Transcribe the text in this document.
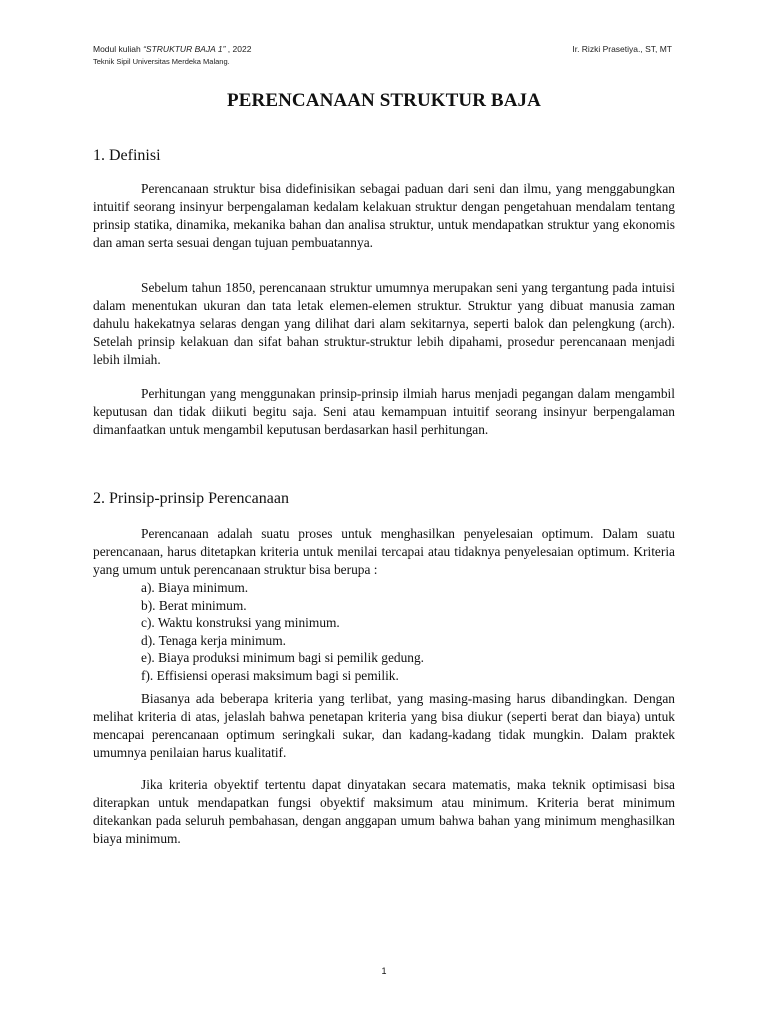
Modul kuliah “STRUKTUR BAJA 1” , 2022
Teknik Sipil Universitas Merdeka Malang.
Ir. Rizki Prasetiya., ST, MT
PERENCANAAN STRUKTUR BAJA
1. Definisi

Perencanaan struktur bisa didefinisikan sebagai paduan dari seni dan ilmu, yang menggabungkan intuitif seorang insinyur berpengalaman kedalam kelakuan struktur dengan pengetahuan mendalam tentang prinsip statika, dinamika, mekanika bahan dan analisa struktur, untuk mendapatkan struktur yang ekonomis dan aman serta sesuai dengan tujuan pembuatannya.

Sebelum tahun 1850, perencanaan struktur umumnya merupakan seni yang tergantung pada intuisi dalam menentukan ukuran dan tata letak elemen-elemen struktur. Struktur yang dibuat manusia zaman dahulu hakekatnya selaras dengan yang dilihat dari alam sekitarnya, seperti balok dan pelengkung (arch). Setelah prinsip kelakuan dan sifat bahan struktur-struktur lebih dipahami, prosedur perencanaan menjadi lebih ilmiah.

Perhitungan yang menggunakan prinsip-prinsip ilmiah harus menjadi pegangan dalam mengambil keputusan dan tidak diikuti begitu saja. Seni atau kemampuan intuitif seorang insinyur berpengalaman dimanfaatkan untuk mengambil keputusan berdasarkan hasil perhitungan.

2. Prinsip-prinsip Perencanaan

Perencanaan adalah suatu proses untuk menghasilkan penyelesaian optimum. Dalam suatu perencanaan, harus ditetapkan kriteria untuk menilai tercapai atau tidaknya penyelesaian optimum. Kriteria yang umum untuk perencanaan struktur bisa berupa :

a). Biaya minimum.
b). Berat minimum.
c). Waktu konstruksi yang minimum.
d). Tenaga kerja minimum.
e). Biaya produksi minimum bagi si pemilik gedung.
f). Effisiensi operasi maksimum bagi si pemilik.

Biasanya ada beberapa kriteria yang terlibat, yang masing-masing harus dibandingkan. Dengan melihat kriteria di atas, jelaslah bahwa penetapan kriteria yang bisa diukur (seperti berat dan biaya) untuk mencapai perencanaan optimum seringkali sukar, dan kadang-kadang tidak mungkin. Dalam praktek umumnya penilaian harus kualitatif.

Jika kriteria obyektif tertentu dapat dinyatakan secara matematis, maka teknik optimisasi bisa diterapkan untuk mendapatkan fungsi obyektif maksimum atau minimum. Kriteria berat minimum ditekankan pada seluruh pembahasan, dengan anggapan umum bahwa bahan yang minimum menghasilkan biaya minimum.

1
